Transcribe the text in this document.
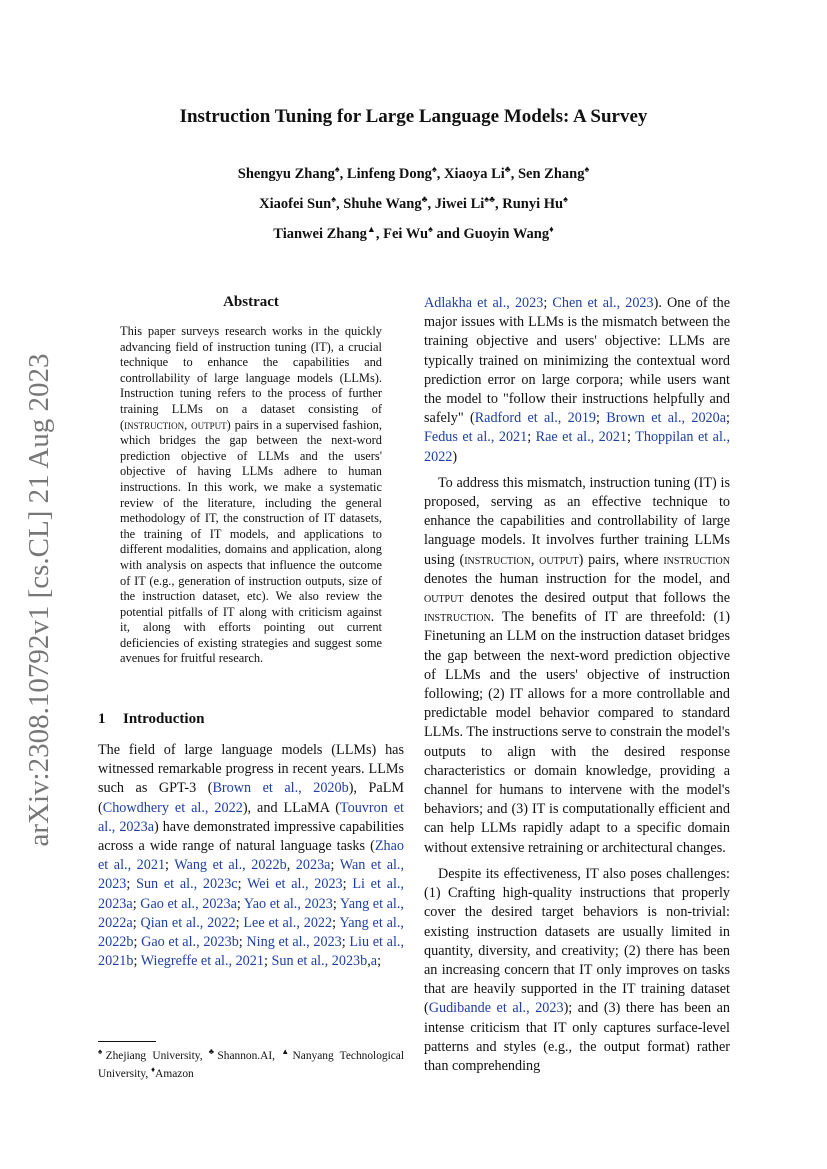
arXiv:2308.10792v1 [cs.CL] 21 Aug 2023
Instruction Tuning for Large Language Models: A Survey
Shengyu Zhang♠, Linfeng Dong♠, Xiaoya Li♣, Sen Zhang♠
Xiaofei Sun♠, Shuhe Wang♣, Jiwei Li♠♣, Runyi Hu♠
Tianwei Zhang▲, Fei Wu♠ and Guoyin Wang♦
Abstract
This paper surveys research works in the quickly advancing field of instruction tuning (IT), a crucial technique to enhance the capabilities and controllability of large language models (LLMs). Instruction tuning refers to the process of further training LLMs on a dataset consisting of (instruction, output) pairs in a supervised fashion, which bridges the gap between the next-word prediction objective of LLMs and the users' objective of having LLMs adhere to human instructions. In this work, we make a systematic review of the literature, including the general methodology of IT, the construction of IT datasets, the training of IT models, and applications to different modalities, domains and application, along with analysis on aspects that influence the outcome of IT (e.g., generation of instruction outputs, size of the instruction dataset, etc). We also review the potential pitfalls of IT along with criticism against it, along with efforts pointing out current deficiencies of existing strategies and suggest some avenues for fruitful research.
1 Introduction
The field of large language models (LLMs) has witnessed remarkable progress in recent years. LLMs such as GPT-3 (Brown et al., 2020b), PaLM (Chowdhery et al., 2022), and LLaMA (Touvron et al., 2023a) have demonstrated impressive capabilities across a wide range of natural language tasks (Zhao et al., 2021; Wang et al., 2022b, 2023a; Wan et al., 2023; Sun et al., 2023c; Wei et al., 2023; Li et al., 2023a; Gao et al., 2023a; Yao et al., 2023; Yang et al., 2022a; Qian et al., 2022; Lee et al., 2022; Yang et al., 2022b; Gao et al., 2023b; Ning et al., 2023; Liu et al., 2021b; Wiegreffe et al., 2021; Sun et al., 2023b,a;
♠Zhejiang University, ♣Shannon.AI, ▲Nanyang Technological University, ♦Amazon

Adlakha et al., 2023; Chen et al., 2023). One of the major issues with LLMs is the mismatch between the training objective and users' objective: LLMs are typically trained on minimizing the contextual word prediction error on large corpora; while users want the model to "follow their instructions helpfully and safely" (Radford et al., 2019; Brown et al., 2020a; Fedus et al., 2021; Rae et al., 2021; Thoppilan et al., 2022)

To address this mismatch, instruction tuning (IT) is proposed, serving as an effective technique to enhance the capabilities and controllability of large language models. It involves further training LLMs using (instruction, output) pairs, where instruction denotes the human instruction for the model, and output denotes the desired output that follows the instruction. The benefits of IT are threefold: (1) Finetuning an LLM on the instruction dataset bridges the gap between the next-word prediction objective of LLMs and the users' objective of instruction following; (2) IT allows for a more controllable and predictable model behavior compared to standard LLMs. The instructions serve to constrain the model's outputs to align with the desired response characteristics or domain knowledge, providing a channel for humans to intervene with the model's behaviors; and (3) IT is computationally efficient and can help LLMs rapidly adapt to a specific domain without extensive retraining or architectural changes.

Despite its effectiveness, IT also poses challenges: (1) Crafting high-quality instructions that properly cover the desired target behaviors is non-trivial: existing instruction datasets are usually limited in quantity, diversity, and creativity; (2) there has been an increasing concern that IT only improves on tasks that are heavily supported in the IT training dataset (Gudibande et al., 2023); and (3) there has been an intense criticism that IT only captures surface-level patterns and styles (e.g., the output format) rather than comprehending
